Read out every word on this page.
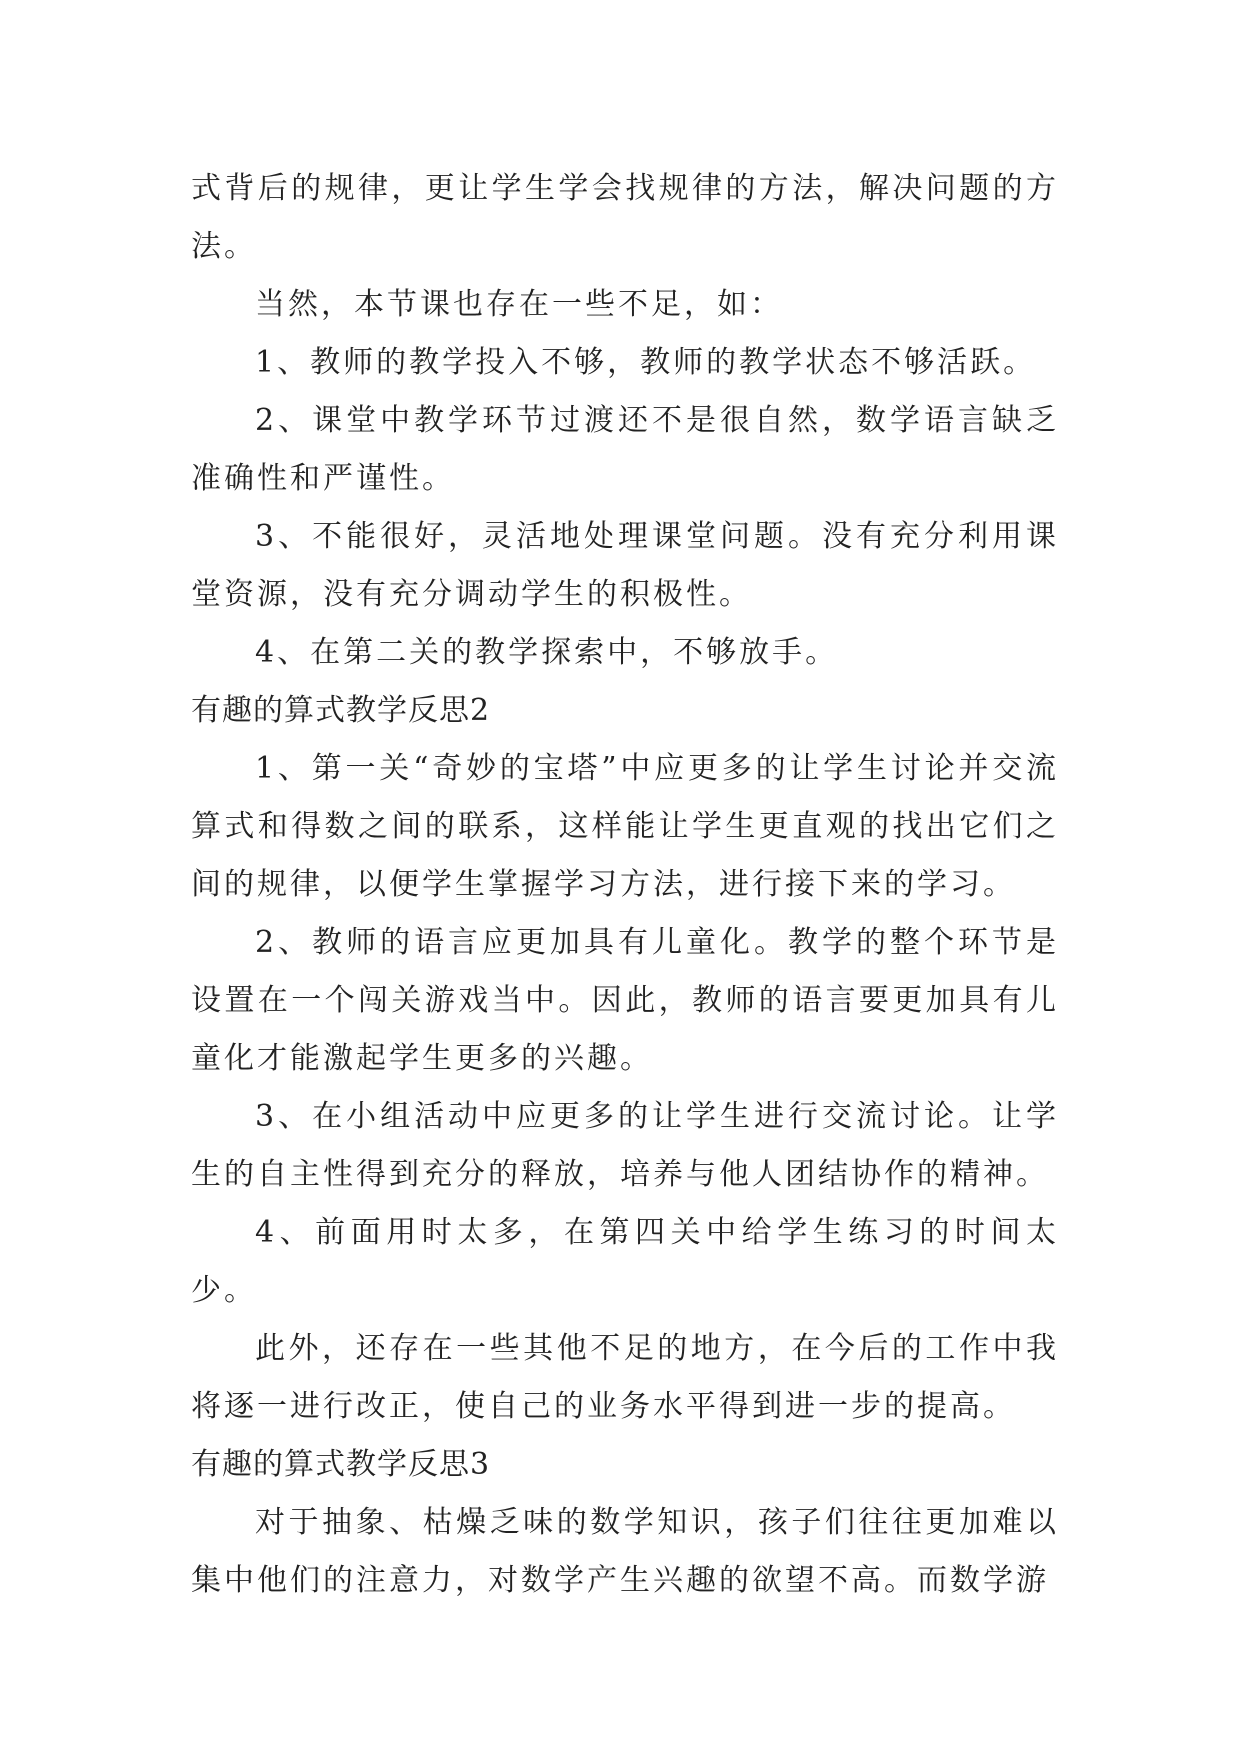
式背后的规律，更让学生学会找规律的方法，解决问题的方法。

当然，本节课也存在一些不足，如：

1、教师的教学投入不够，教师的教学状态不够活跃。

2、课堂中教学环节过渡还不是很自然，数学语言缺乏准确性和严谨性。

3、不能很好，灵活地处理课堂问题。没有充分利用课堂资源，没有充分调动学生的积极性。

4、在第二关的教学探索中，不够放手。

有趣的算式教学反思2

1、第一关“奇妙的宝塔”中应更多的让学生讨论并交流算式和得数之间的联系，这样能让学生更直观的找出它们之间的规律，以便学生掌握学习方法，进行接下来的学习。

2、教师的语言应更加具有儿童化。教学的整个环节是设置在一个闯关游戏当中。因此，教师的语言要更加具有儿童化才能激起学生更多的兴趣。

3、在小组活动中应更多的让学生进行交流讨论。让学生的自主性得到充分的释放，培养与他人团结协作的精神。

4、前面用时太多，在第四关中给学生练习的时间太少。

此外，还存在一些其他不足的地方，在今后的工作中我将逐一进行改正，使自己的业务水平得到进一步的提高。

有趣的算式教学反思3

对于抽象、枯燥乏味的数学知识，孩子们往往更加难以集中他们的注意力，对数学产生兴趣的欲望不高。而数学游
